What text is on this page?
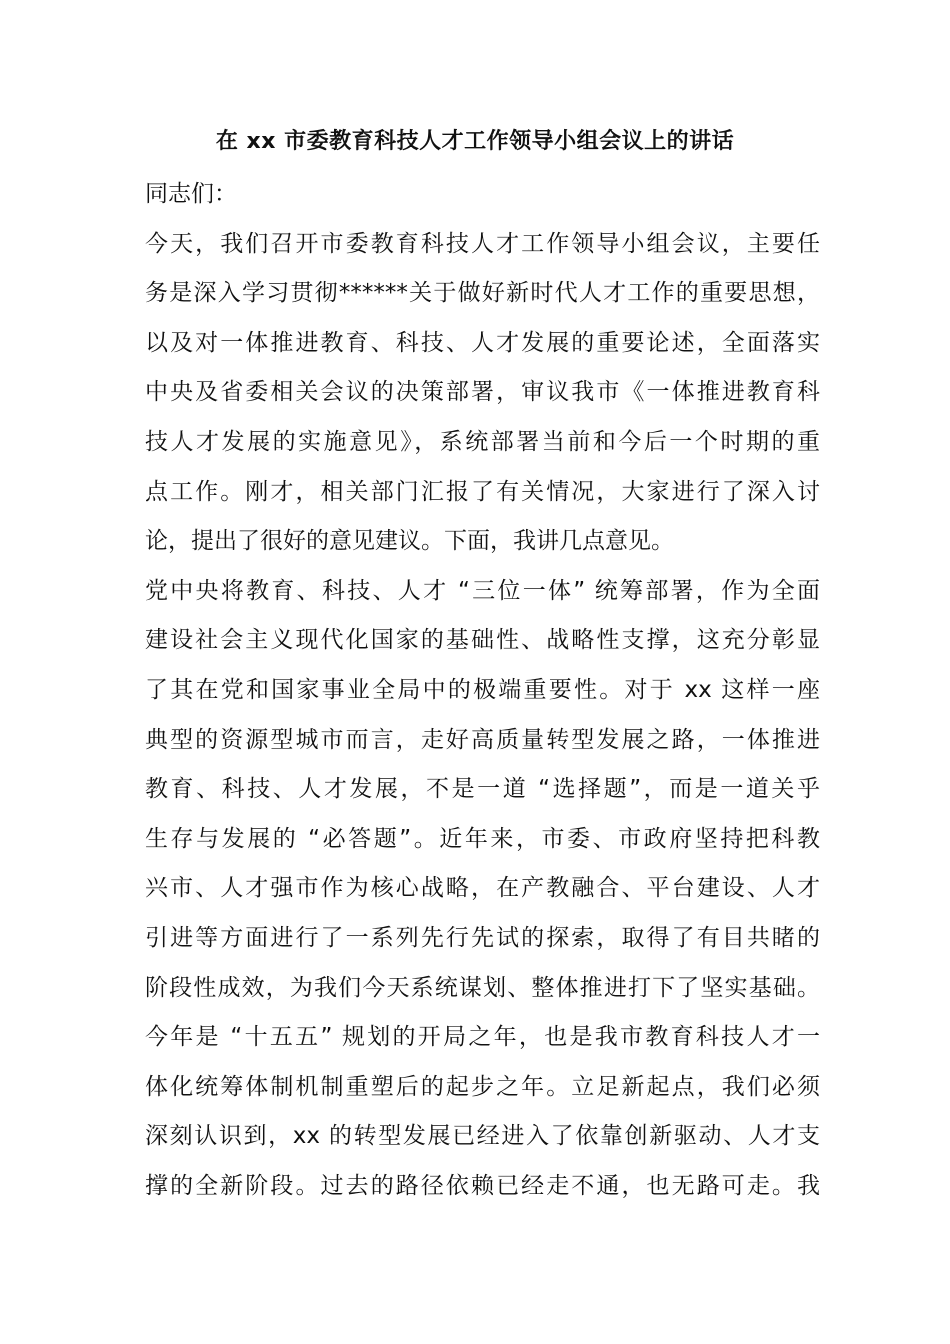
在 xx 市委教育科技人才工作领导小组会议上的讲话
同志们：
今天，我们召开市委教育科技人才工作领导小组会议，主要任
务是深入学习贯彻******关于做好新时代人才工作的重要思想，
以及对一体推进教育、科技、人才发展的重要论述，全面落实
中央及省委相关会议的决策部署，审议我市《一体推进教育科
技人才发展的实施意见》，系统部署当前和今后一个时期的重
点工作。刚才，相关部门汇报了有关情况，大家进行了深入讨
论，提出了很好的意见建议。下面，我讲几点意见。
党中央将教育、科技、人才 “三位一体” 统筹部署，作为全面
建设社会主义现代化国家的基础性、战略性支撑，这充分彰显
了其在党和国家事业全局中的极端重要性。对于 xx 这样一座
典型的资源型城市而言，走好高质量转型发展之路，一体推进
教育、科技、人才发展，不是一道 “选择题”，而是一道关乎
生存与发展的 “必答题”。近年来，市委、市政府坚持把科教
兴市、人才强市作为核心战略，在产教融合、平台建设、人才
引进等方面进行了一系列先行先试的探索，取得了有目共睹的
阶段性成效，为我们今天系统谋划、整体推进打下了坚实基础。
今年是 “十五五” 规划的开局之年，也是我市教育科技人才一
体化统筹体制机制重塑后的起步之年。立足新起点，我们必须
深刻认识到，xx 的转型发展已经进入了依靠创新驱动、人才支
撑的全新阶段。过去的路径依赖已经走不通，也无路可走。我
